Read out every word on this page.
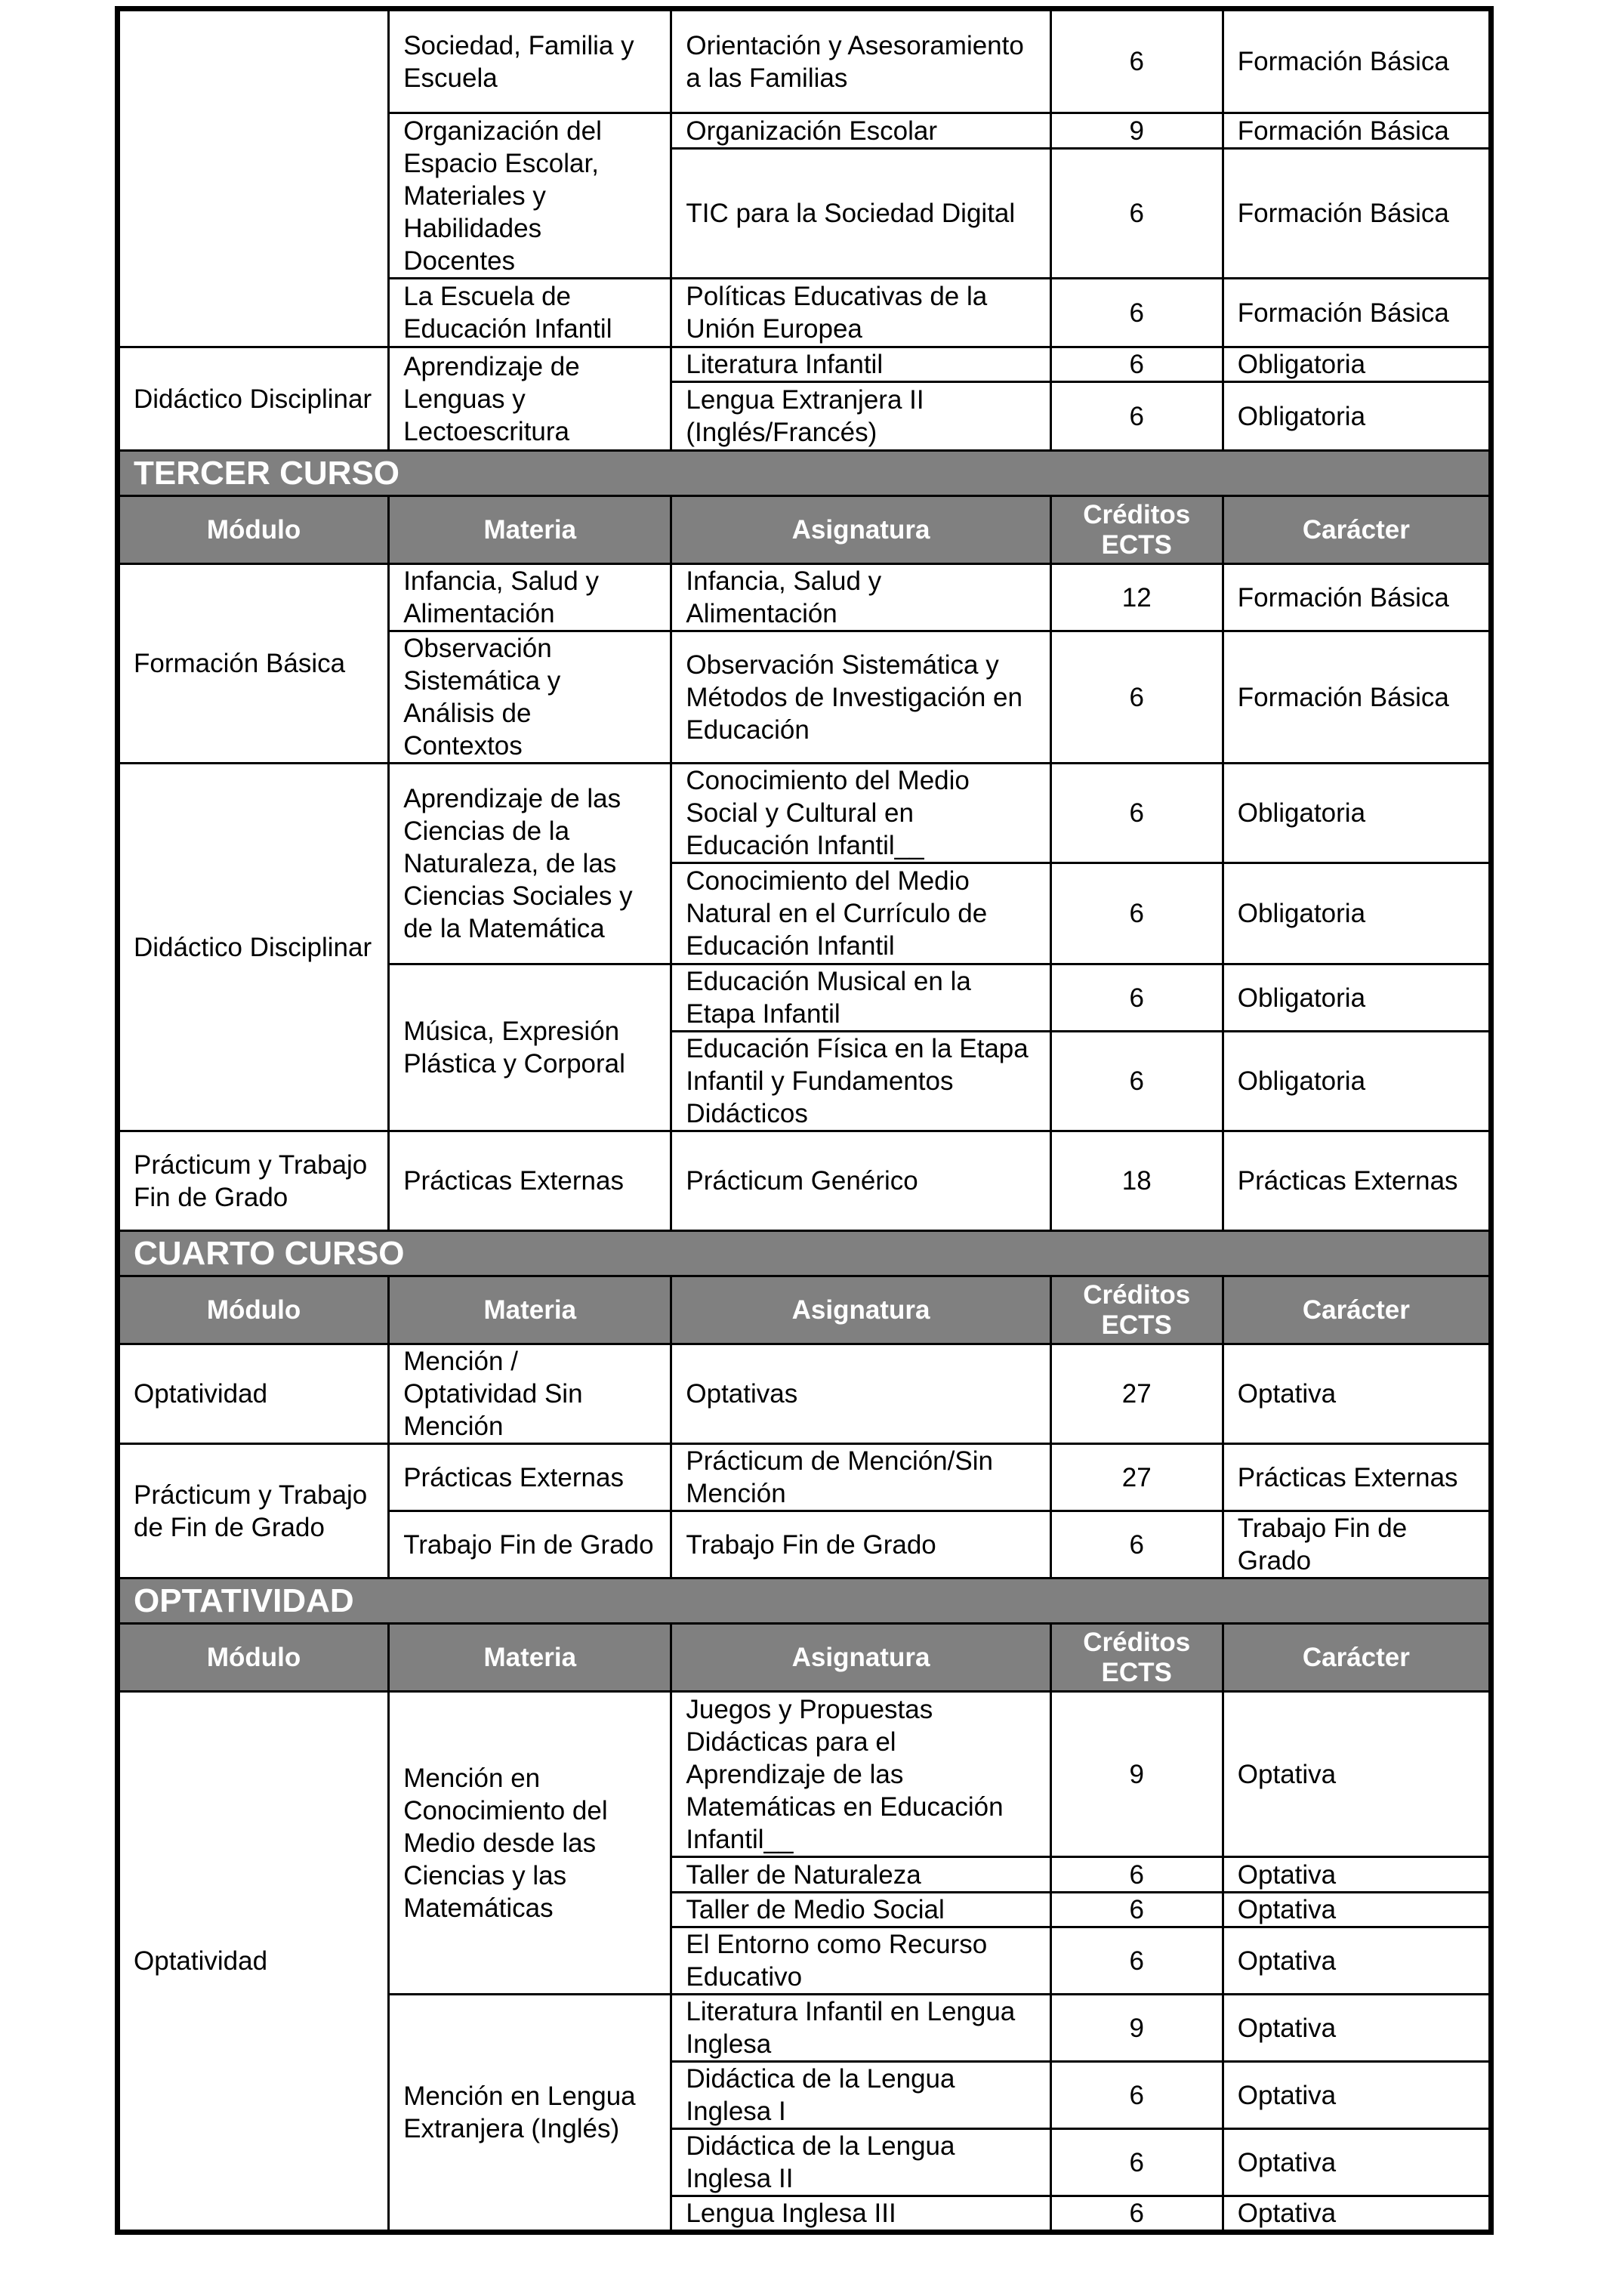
	Sociedad, Familia y Escuela	Orientación y Asesoramiento a las Familias	6	Formación Básica
	Organización del Espacio Escolar, Materiales y Habilidades Docentes	Organización Escolar	9	Formación Básica
		TIC para la Sociedad Digital	6	Formación Básica
	La Escuela de Educación Infantil	Políticas Educativas de la Unión Europea	6	Formación Básica
Didáctico Disciplinar	Aprendizaje de Lenguas y Lectoescritura	Literatura Infantil	6	Obligatoria
		Lengua Extranjera II (Inglés/Francés)	6	Obligatoria
TERCER CURSO				
Módulo	Materia	Asignatura	Créditos ECTS	Carácter
Formación Básica	Infancia, Salud y Alimentación	Infancia, Salud y Alimentación	12	Formación Básica
	Observación Sistemática y Análisis de Contextos	Observación Sistemática y Métodos de Investigación en Educación	6	Formación Básica
Didáctico Disciplinar	Aprendizaje de las Ciencias de la Naturaleza, de las Ciencias Sociales y de la Matemática	Conocimiento del Medio Social y Cultural en Educación Infantil__	6	Obligatoria
		Conocimiento del Medio Natural en el Currículo de Educación Infantil	6	Obligatoria
	Música, Expresión Plástica y Corporal	Educación Musical en la Etapa Infantil	6	Obligatoria
		Educación Física en la Etapa Infantil y Fundamentos Didácticos	6	Obligatoria
Prácticum y Trabajo Fin de Grado	Prácticas Externas	Prácticum Genérico	18	Prácticas Externas
CUARTO CURSO				
Módulo	Materia	Asignatura	Créditos ECTS	Carácter
Optatividad	Mención / Optatividad Sin Mención	Optativas	27	Optativa
Prácticum y Trabajo de Fin de Grado	Prácticas Externas	Prácticum de Mención/Sin Mención	27	Prácticas Externas
	Trabajo Fin de Grado	Trabajo Fin de Grado	6	Trabajo Fin de Grado
OPTATIVIDAD				
Módulo	Materia	Asignatura	Créditos ECTS	Carácter
Optatividad	Mención en Conocimiento del Medio desde las Ciencias y las Matemáticas	Juegos y Propuestas Didácticas para el Aprendizaje de las Matemáticas en Educación Infantil__	9	Optativa
		Taller de Naturaleza	6	Optativa
		Taller de Medio Social	6	Optativa
		El Entorno como Recurso Educativo	6	Optativa
	Mención en Lengua Extranjera (Inglés)	Literatura Infantil en Lengua Inglesa	9	Optativa
		Didáctica de la Lengua Inglesa I	6	Optativa
		Didáctica de la Lengua Inglesa II	6	Optativa
		Lengua Inglesa III	6	Optativa
